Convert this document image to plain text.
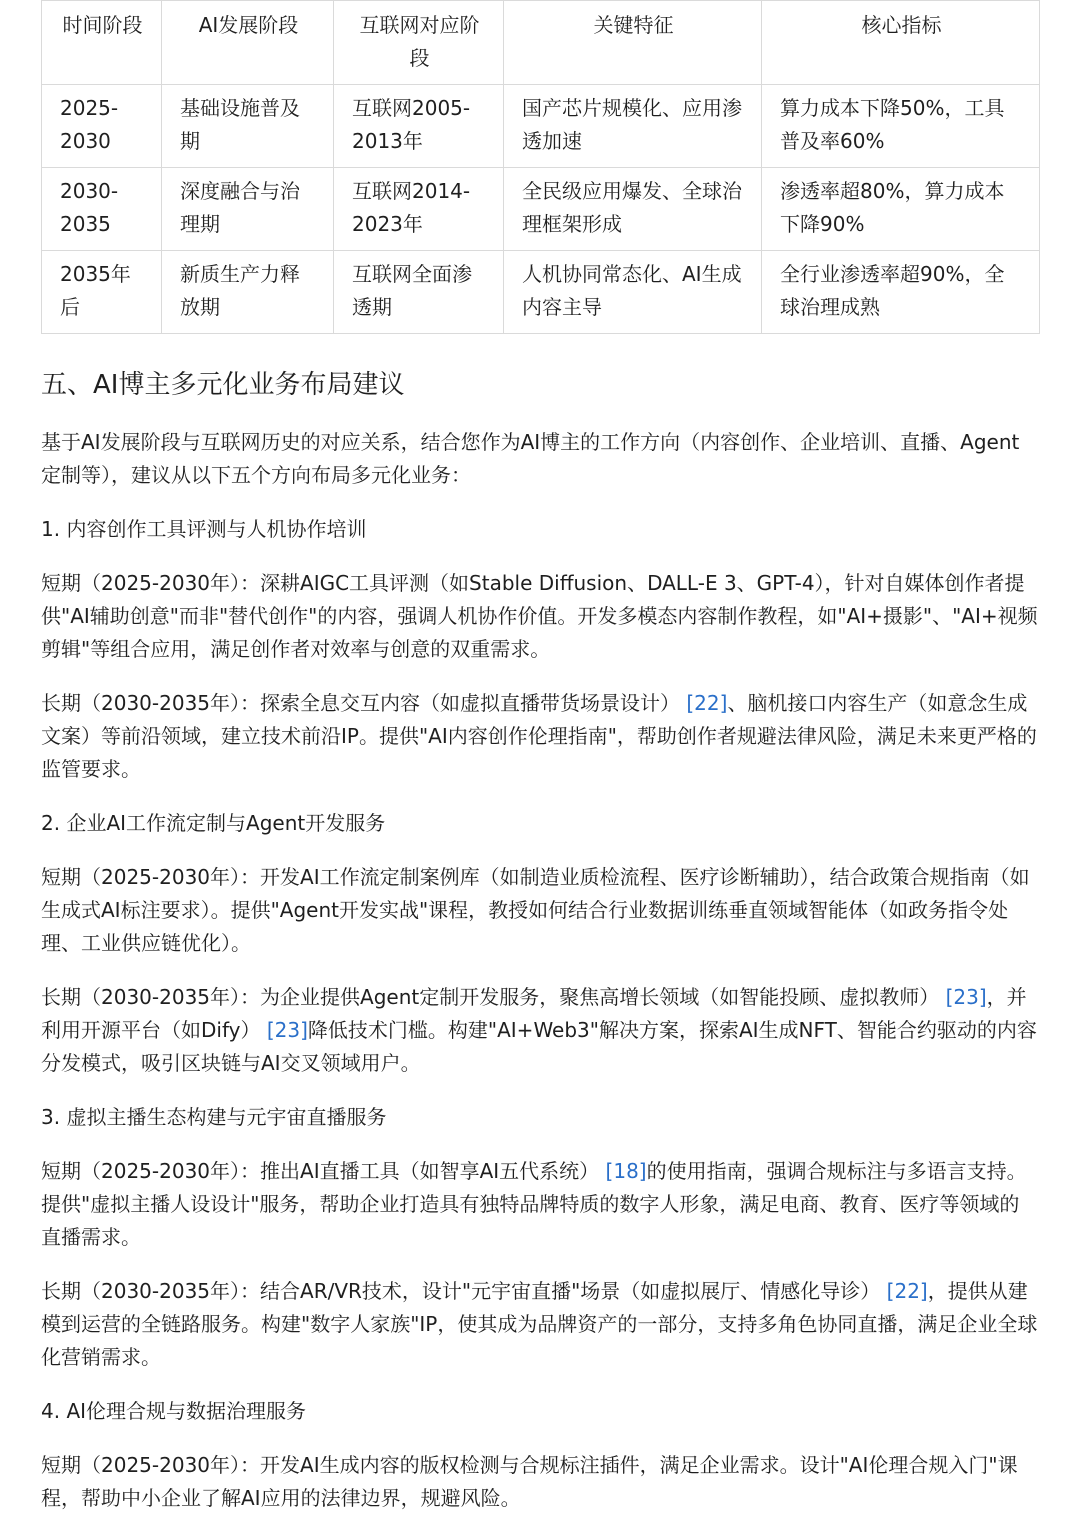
时间阶段	AI发展阶段	互联网对应阶段	关键特征	核心指标
2025-2030	基础设施普及期	互联网2005-2013年	国产芯片规模化、应用渗透加速	算力成本下降50%，工具普及率60%
2030-2035	深度融合与治理期	互联网2014-2023年	全民级应用爆发、全球治理框架形成	渗透率超80%，算力成本下降90%
2035年后	新质生产力释放期	互联网全面渗透期	人机协同常态化、AI生成内容主导	全行业渗透率超90%，全球治理成熟
五、AI博主多元化业务布局建议

基于AI发展阶段与互联网历史的对应关系，结合您作为AI博主的工作方向（内容创作、企业培训、直播、Agent定制等），建议从以下五个方向布局多元化业务：

1. 内容创作工具评测与人机协作培训

短期（2025-2030年）：深耕AIGC工具评测（如Stable Diffusion、DALL-E 3、GPT-4），针对自媒体创作者提供"AI辅助创意"而非"替代创作"的内容，强调人机协作价值。开发多模态内容制作教程，如"AI+摄影"、"AI+视频剪辑"等组合应用，满足创作者对效率与创意的双重需求。

长期（2030-2035年）：探索全息交互内容（如虚拟直播带货场景设计） [22]、脑机接口内容生产（如意念生成文案）等前沿领域，建立技术前沿IP。提供"AI内容创作伦理指南"，帮助创作者规避法律风险，满足未来更严格的监管要求。

2. 企业AI工作流定制与Agent开发服务

短期（2025-2030年）：开发AI工作流定制案例库（如制造业质检流程、医疗诊断辅助），结合政策合规指南（如生成式AI标注要求）。提供"Agent开发实战"课程，教授如何结合行业数据训练垂直领域智能体（如政务指令处理、工业供应链优化）。

长期（2030-2035年）：为企业提供Agent定制开发服务，聚焦高增长领域（如智能投顾、虚拟教师） [23]，并利用开源平台（如Dify） [23]降低技术门槛。构建"AI+Web3"解决方案，探索AI生成NFT、智能合约驱动的内容分发模式，吸引区块链与AI交叉领域用户。

3. 虚拟主播生态构建与元宇宙直播服务

短期（2025-2030年）：推出AI直播工具（如智享AI五代系统） [18]的使用指南，强调合规标注与多语言支持。提供"虚拟主播人设设计"服务，帮助企业打造具有独特品牌特质的数字人形象，满足电商、教育、医疗等领域的直播需求。

长期（2030-2035年）：结合AR/VR技术，设计"元宇宙直播"场景（如虚拟展厅、情感化导诊） [22]，提供从建模到运营的全链路服务。构建"数字人家族"IP，使其成为品牌资产的一部分，支持多角色协同直播，满足企业全球化营销需求。

4. AI伦理合规与数据治理服务

短期（2025-2030年）：开发AI生成内容的版权检测与合规标注插件，满足企业需求。设计"AI伦理合规入门"课程，帮助中小企业了解AI应用的法律边界，规避风险。
